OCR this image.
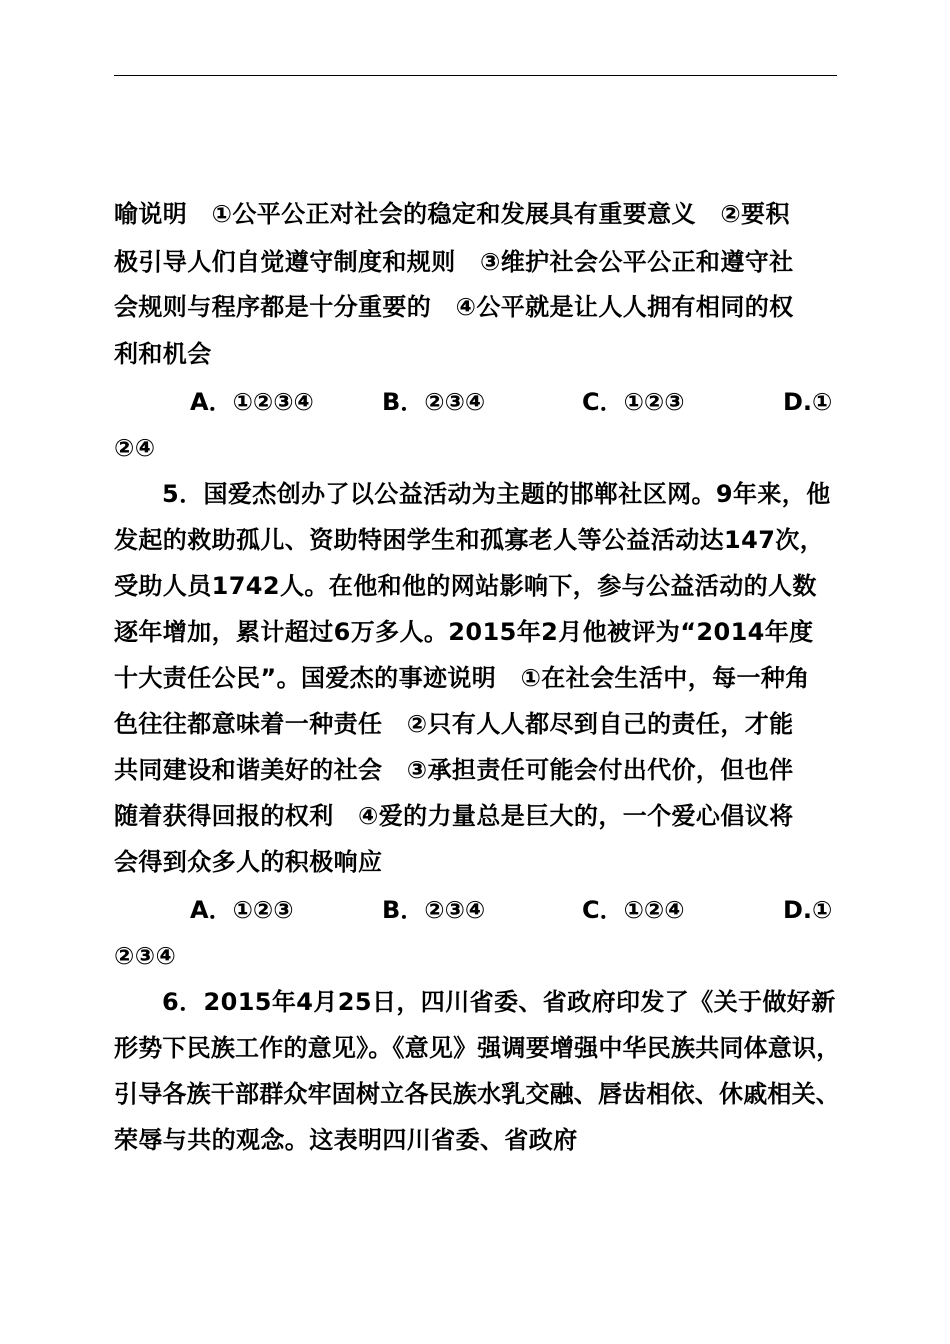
喻说明　①公平公正对社会的稳定和发展具有重要意义　②要积
极引导人们自觉遵守制度和规则　③维护社会公平公正和遵守社
会规则与程序都是十分重要的　④公平就是让人人拥有相同的权
利和机会
A．①②③④	B．②③④	C．①②③	D.①
②④
5．国爱杰创办了以公益活动为主题的邯郸社区网。9年来，他
发起的救助孤儿、资助特困学生和孤寡老人等公益活动达147次，
受助人员1742人。在他和他的网站影响下，参与公益活动的人数
逐年增加，累计超过6万多人。2015年2月他被评为“2014年度
十大责任公民”。国爱杰的事迹说明　①在社会生活中，每一种角
色往往都意味着一种责任　②只有人人都尽到自己的责任，才能
共同建设和谐美好的社会　③承担责任可能会付出代价，但也伴
随着获得回报的权利　④爱的力量总是巨大的，一个爱心倡议将
会得到众多人的积极响应
A．①②③	B．②③④	C．①②④	D.①
②③④
6．2015年4月25日，四川省委、省政府印发了《关于做好新
形势下民族工作的意见》。《意见》强调要增强中华民族共同体意识，
引导各族干部群众牢固树立各民族水乳交融、唇齿相依、休戚相关、
荣辱与共的观念。这表明四川省委、省政府
